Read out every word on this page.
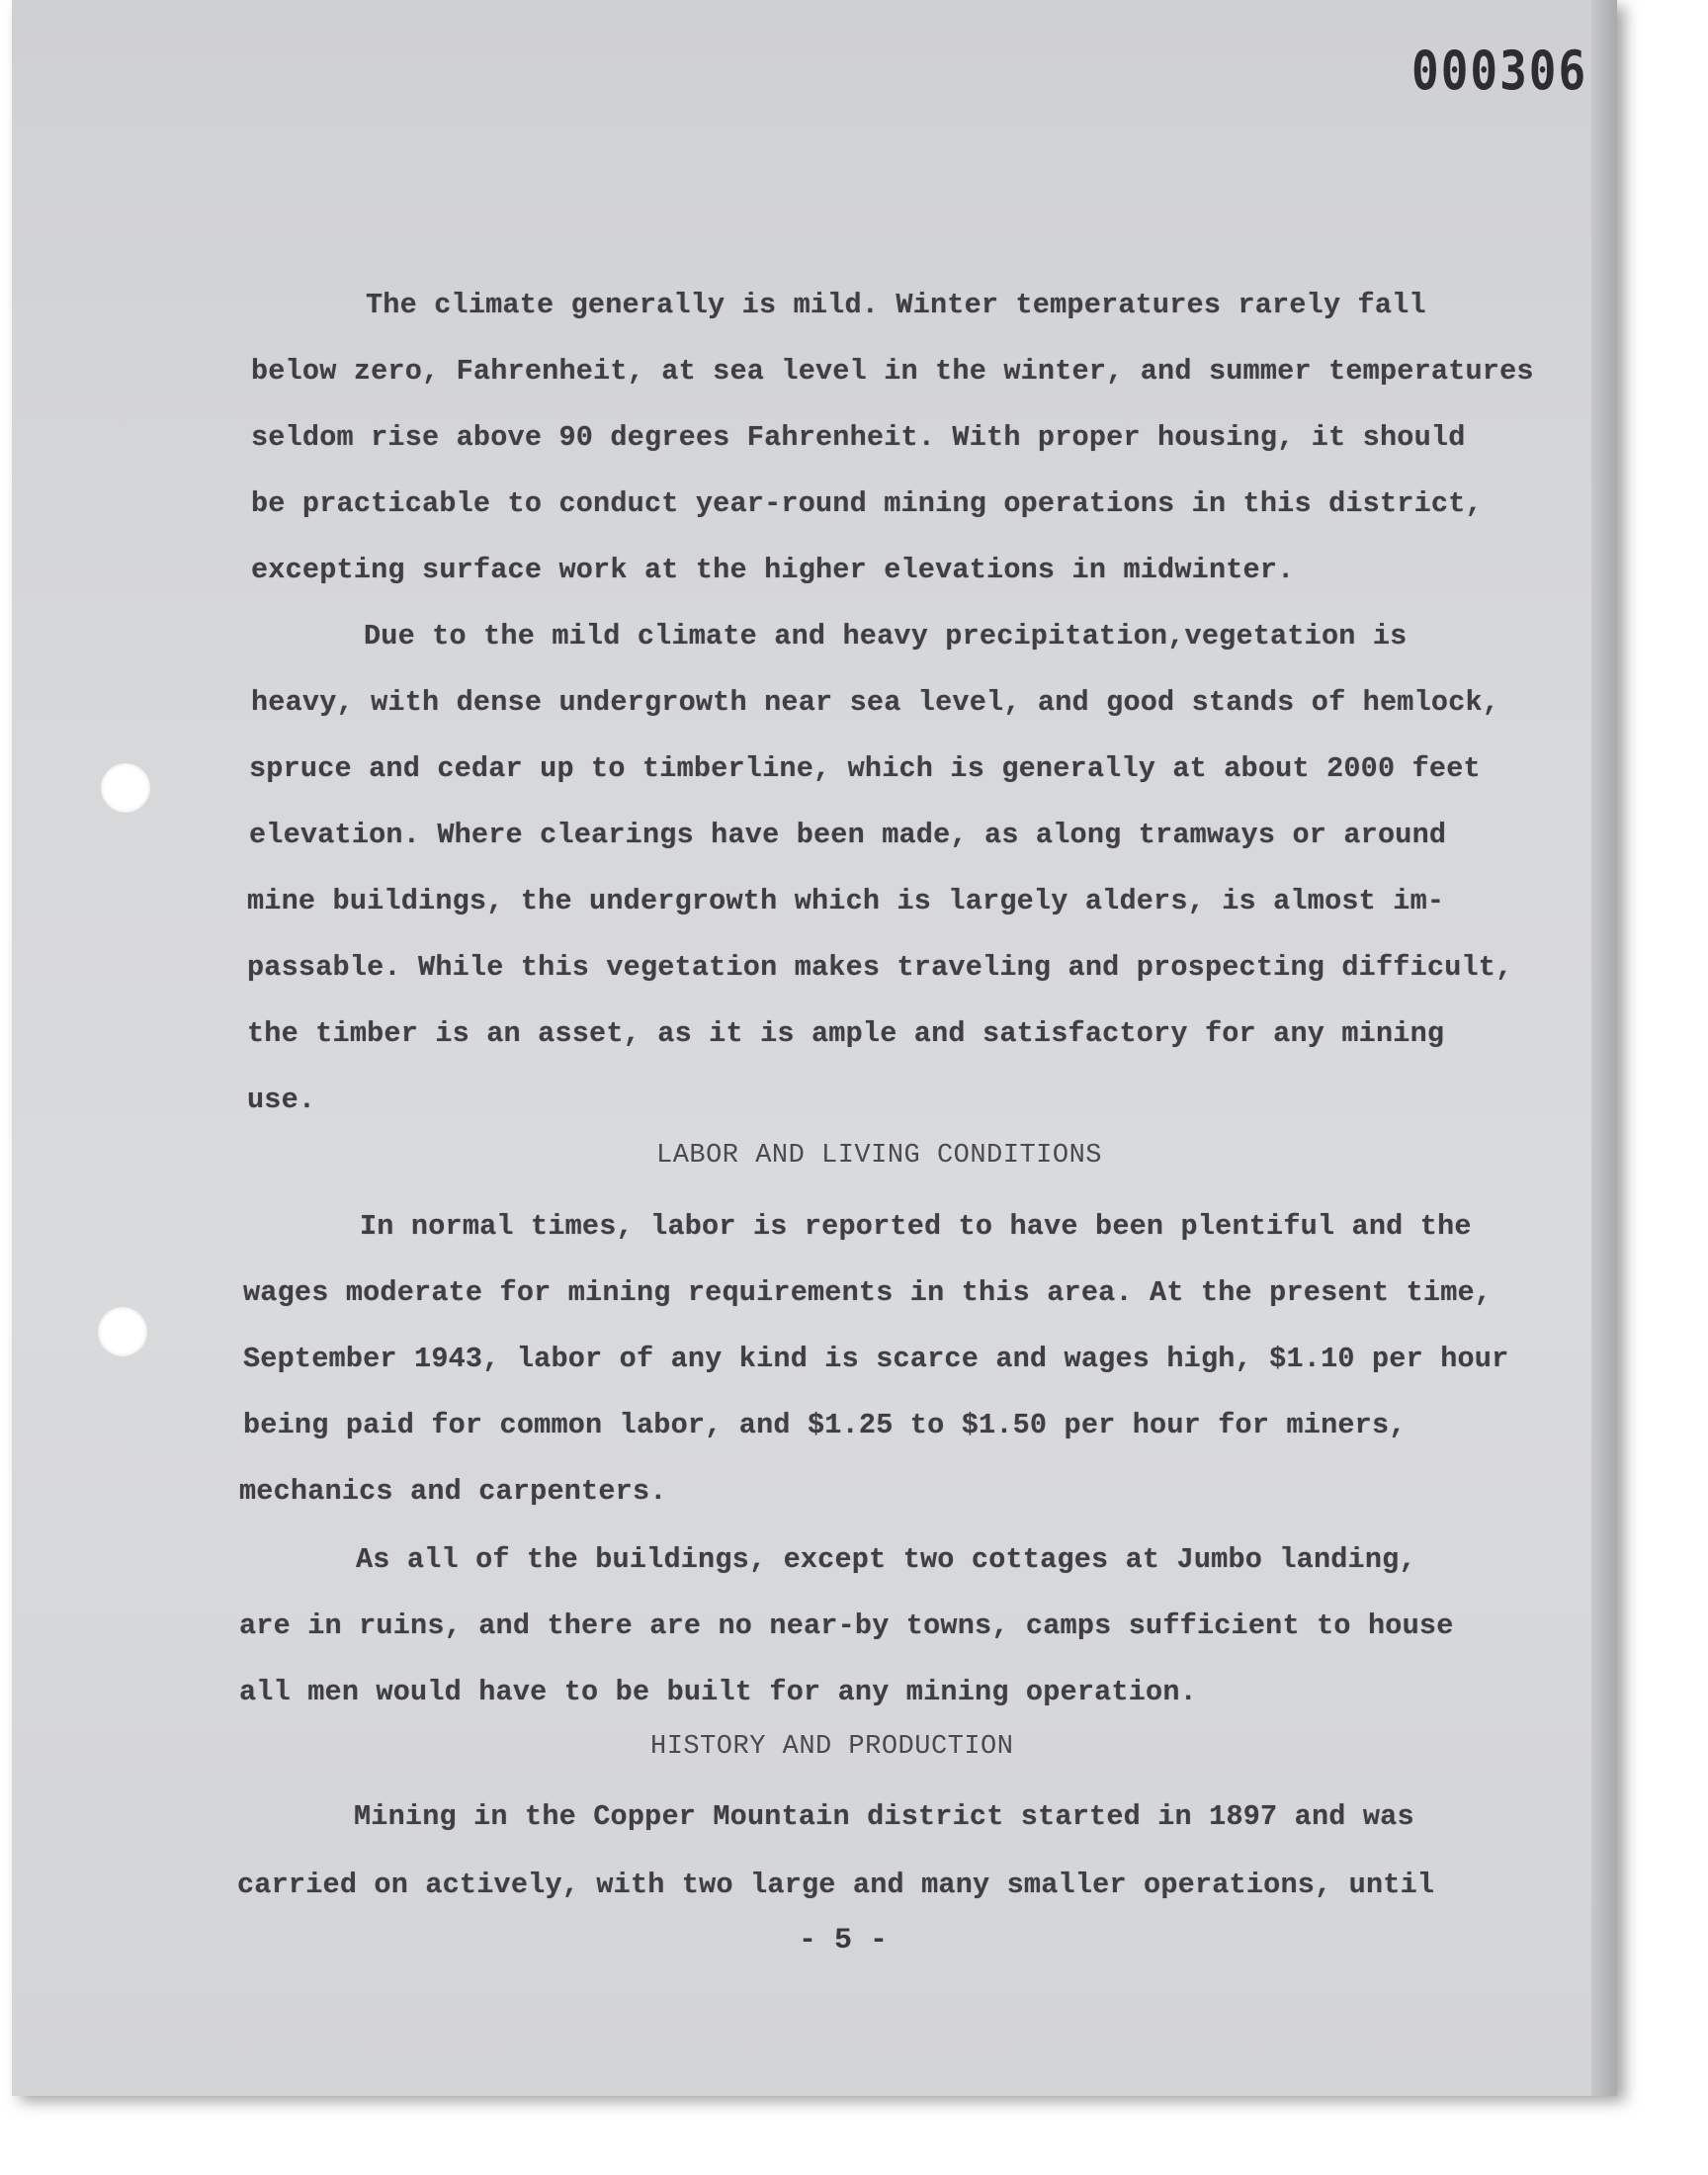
000306
The climate generally is mild. Winter temperatures rarely fall
below zero, Fahrenheit, at sea level in the winter, and summer temperatures
seldom rise above 90 degrees Fahrenheit. With proper housing, it should
be practicable to conduct year-round mining operations in this district,
excepting surface work at the higher elevations in midwinter.
Due to the mild climate and heavy precipitation,vegetation is
heavy, with dense undergrowth near sea level, and good stands of hemlock,
spruce and cedar up to timberline, which is generally at about 2000 feet
elevation. Where clearings have been made, as along tramways or around
mine buildings, the undergrowth which is largely alders, is almost im-
passable. While this vegetation makes traveling and prospecting difficult,
the timber is an asset, as it is ample and satisfactory for any mining
use.
LABOR AND LIVING CONDITIONS
In normal times, labor is reported to have been plentiful and the
wages moderate for mining requirements in this area. At the present time,
September 1943, labor of any kind is scarce and wages high, $1.10 per hour
being paid for common labor, and $1.25 to $1.50 per hour for miners,
mechanics and carpenters.
As all of the buildings, except two cottages at Jumbo landing,
are in ruins, and there are no near-by towns, camps sufficient to house
all men would have to be built for any mining operation.
HISTORY AND PRODUCTION
Mining in the Copper Mountain district started in 1897 and was
carried on actively, with two large and many smaller operations, until
- 5 -
